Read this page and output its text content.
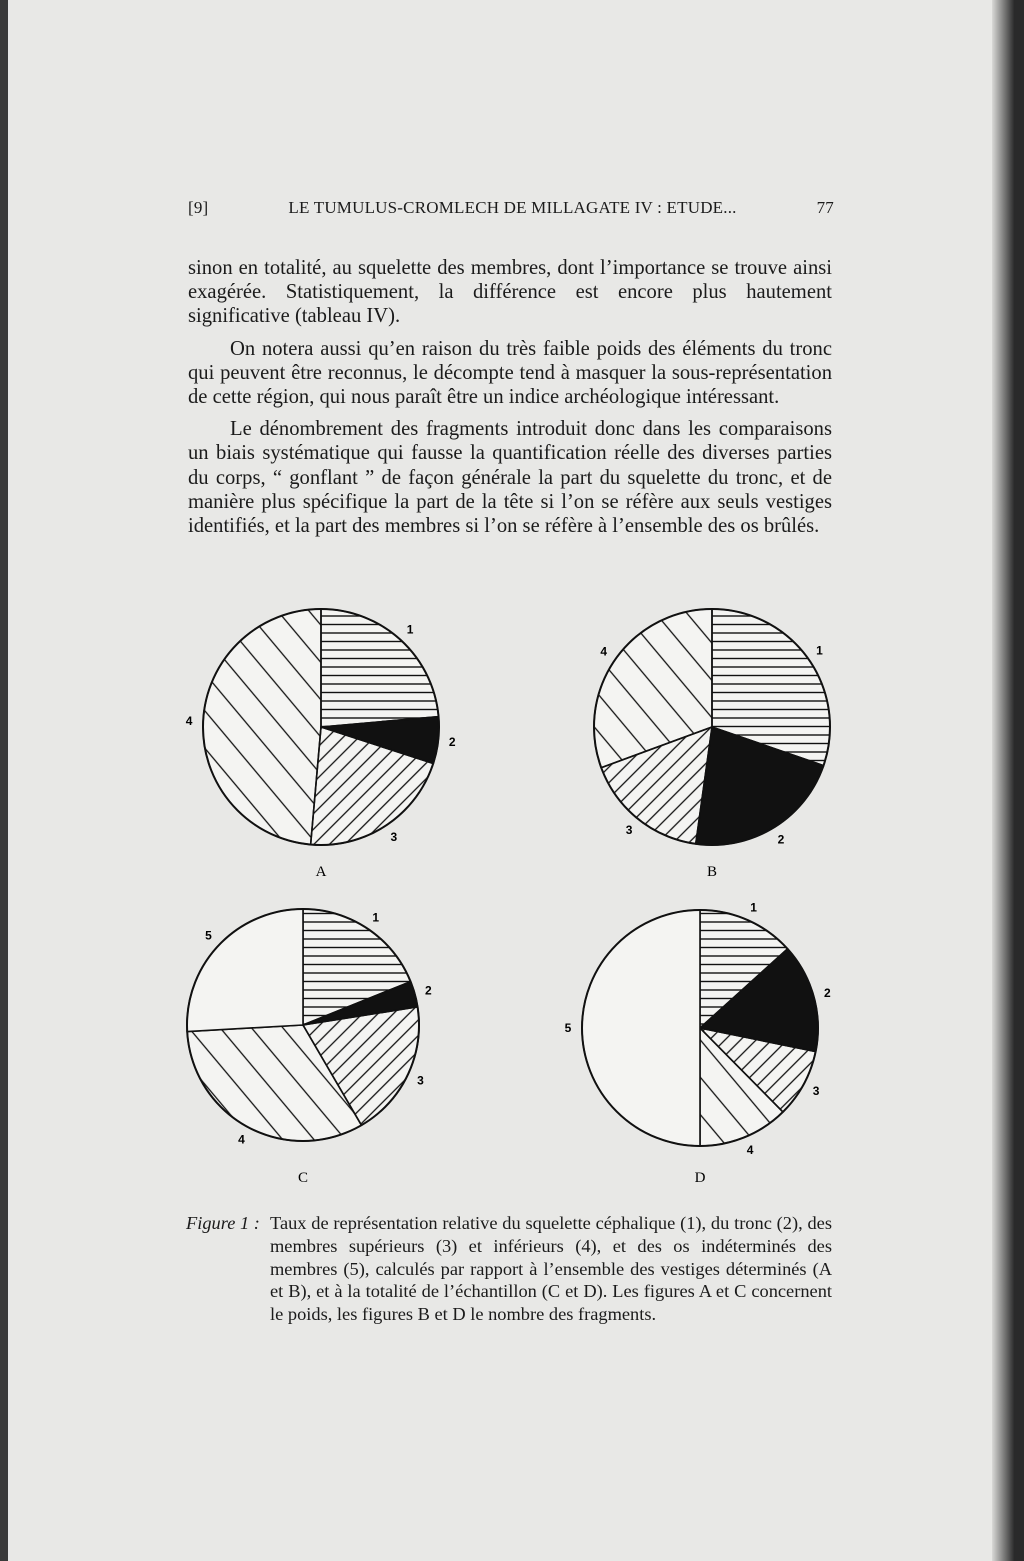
[9]	LE TUMULUS-CROMLECH DE MILLAGATE IV : ETUDE...	77

sinon en totalité, au squelette des membres, dont l’importance se trouve ainsi exagérée. Statistiquement, la différence est encore plus hautement significative (tableau IV).

On notera aussi qu’en raison du très faible poids des éléments du tronc qui peuvent être reconnus, le décompte tend à masquer la sous-représentation de cette région, qui nous paraît être un indice archéologique intéressant.

Le dénombrement des fragments introduit donc dans les comparaisons un biais systématique qui fausse la quantification réelle des diverses parties du corps, “ gonflant ” de façon générale la part du squelette du tronc, et de manière plus spécifique la part de la tête si l’on se réfère aux seuls vestiges identifiés, et la part des membres si l’on se réfère à l’ensemble des os brûlés.

1
2
3
4
A
1
2
3
4
B
1
2
3
4
5
C
1
2
3
4
5
D
Figure 1 : Taux de représentation relative du squelette céphalique (1), du tronc (2), des membres supérieurs (3) et inférieurs (4), et des os indéterminés des membres (5), calculés par rapport à l’ensemble des vestiges déterminés (A et B), et à la totalité de l’échantillon (C et D). Les figures A et C concernent le poids, les figures B et D le nombre des fragments.
